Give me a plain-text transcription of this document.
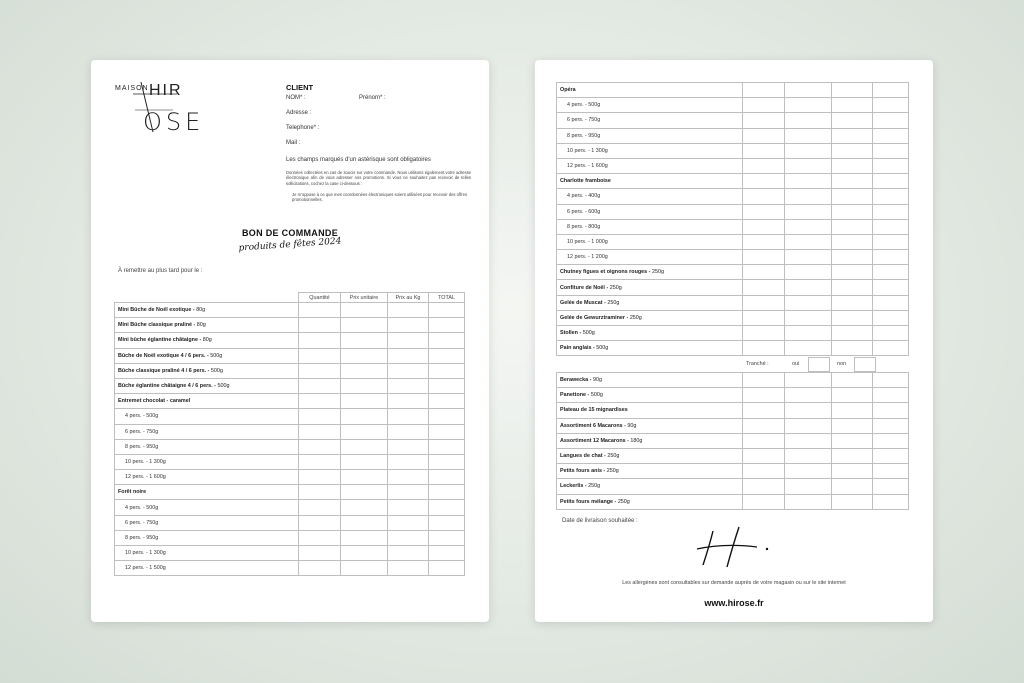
MAISON HIR
OSE
CLIENT
NOM* :	Prénom* :
Adresse :
Telephone* :
Mail :
Les champs marqués d'un astérisque sont obligatoires
Données collectées en cas de soucis sur votre commande. Nous utilisons également votre adresse électronique afin de vous adresser nos promotions. Si vous ne souhaitez pas recevoir de telles sollicitations, cochez la case ci-dessous :
Je m'oppose à ce que mes coordonnées électroniques soient utilisées pour recevoir des offres promotionnelles.
BON DE COMMANDE
produits de fêtes 2024
À remettre au plus tard pour le :
	Quantité	Prix unitaire	Prix au Kg	TOTAL
Mini Bûche de Noël exotique - 80g				
Mini Bûche classique praliné - 80g				
Mini bûche églantine châtaigne - 80g				
Bûche de Noël exotique 4 / 6 pers. - 500g				
Bûche classique praliné 4 / 6 pers. - 500g				
Bûche églantine châtaigne 4 / 6 pers. - 500g				
Entremet chocolat - caramel				
4 pers. - 500g				
6 pers. - 750g				
8 pers. - 950g				
10 pers. - 1 300g				
12 pers. - 1 600g				
Forêt noire				
4 pers. - 500g				
6 pers. - 750g				
8 pers. - 950g				
10 pers. - 1 300g				
12 pers. - 1 500g				
Opéra				
4 pers. - 500g				
6 pers. - 750g				
8 pers. - 950g				
10 pers. - 1 300g				
12 pers. - 1 600g				
Charlotte framboise				
4 pers. - 400g				
6 pers. - 600g				
8 pers. - 800g				
10 pers. - 1 000g				
12 pers. - 1 200g				
Chutney figues et oignons rouges - 250g				
Confiture de Noël - 250g				
Gelée de Muscat - 250g				
Gelée de Gewurztraminer - 250g				
Stollen - 500g				
Pain anglais - 500g				
Tranché :	oui	non
Berawecka - 90g				
Panettone - 500g				
Plateau de 15 mignardises				
Assortiment 6 Macarons - 90g				
Assortiment 12 Macarons - 180g				
Langues de chat - 250g				
Petits fours anis - 250g				
Leckerlis - 250g				
Petits fours mélange - 250g				
Date de livraison souhaitée :
Les allergènes sont consultables sur demande auprès de votre magasin ou sur le site internet
www.hirose.fr
